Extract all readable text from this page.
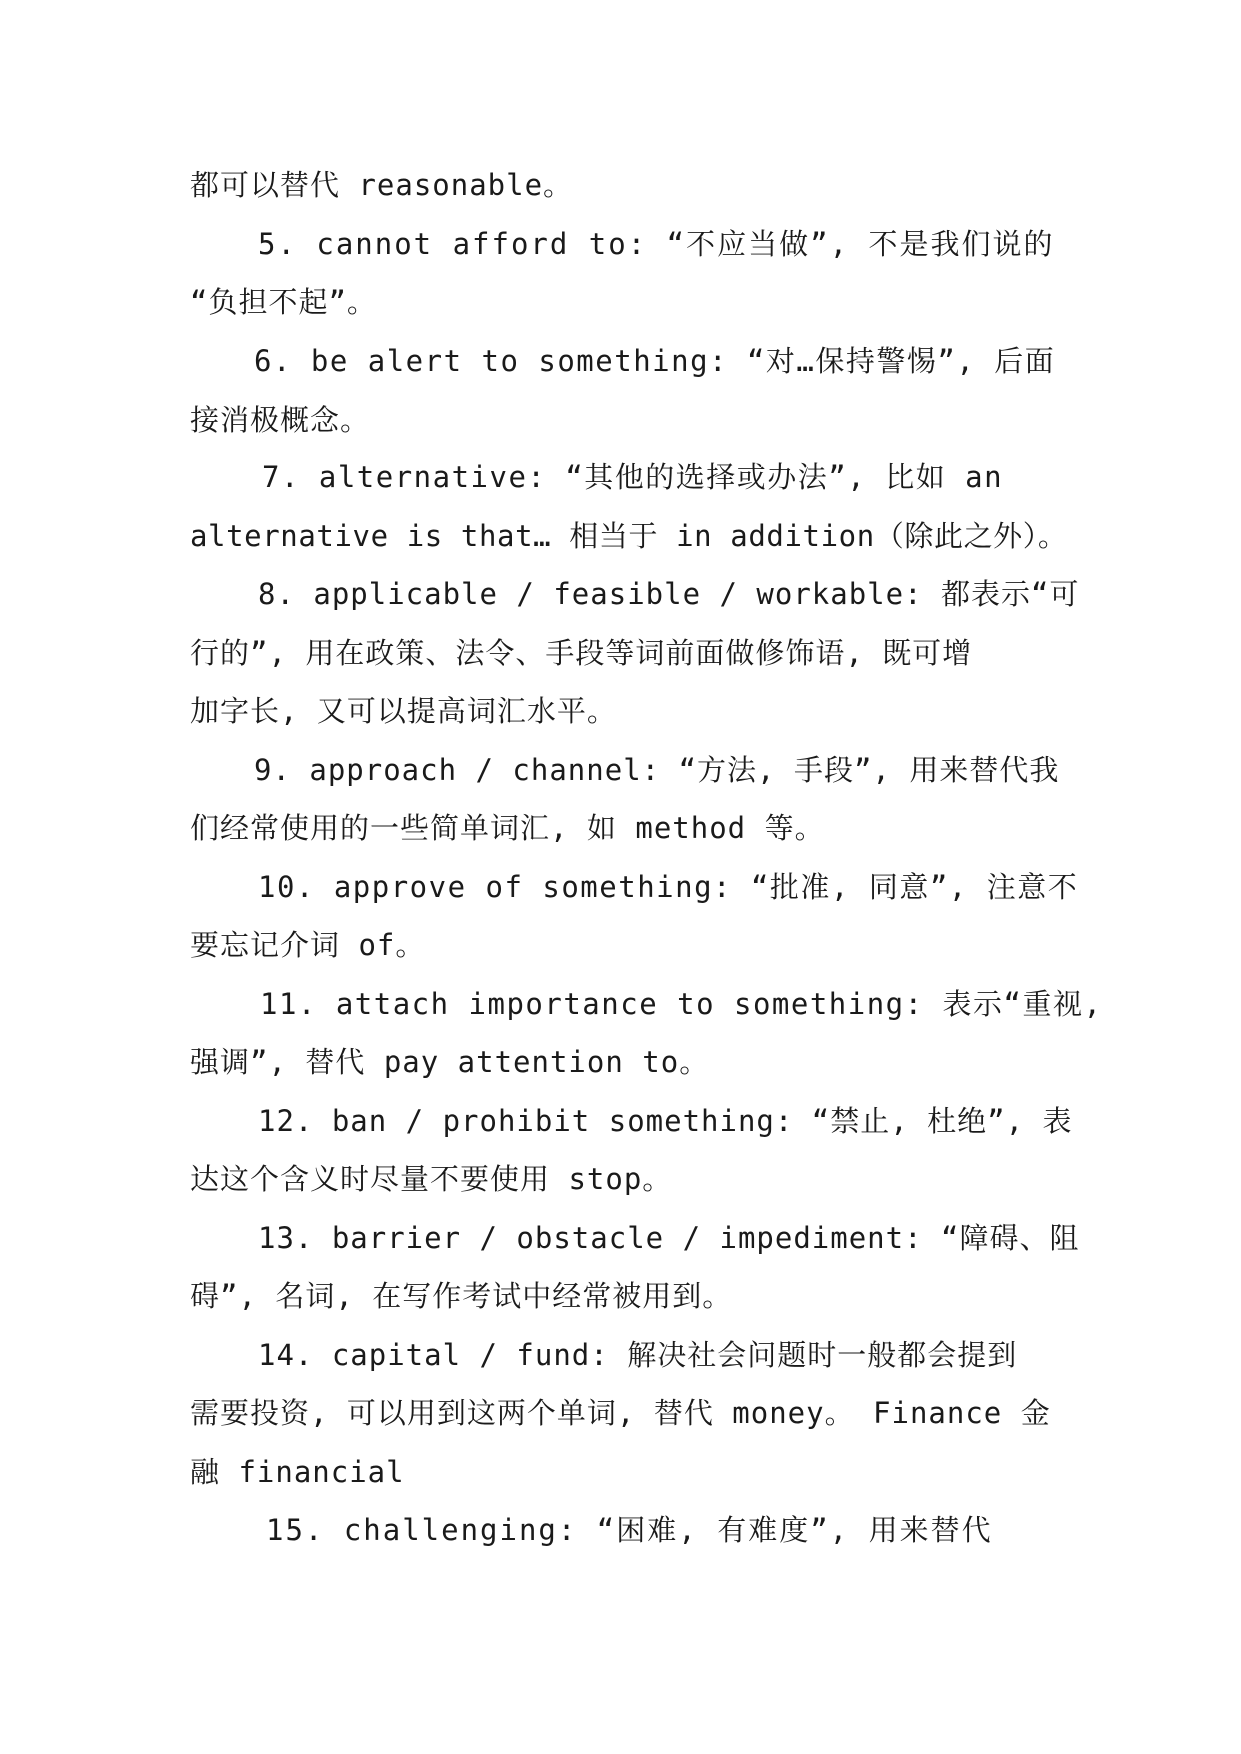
都可以替代 reasonable。
5. cannot afford to: “不应当做”, 不是我们说的
“负担不起”。
6. be alert to something: “对…保持警惕”, 后面
接消极概念。
7. alternative: “其他的选择或办法”, 比如 an
alternative is that… 相当于 in addition（除此之外）。
8. applicable / feasible / workable: 都表示“可
行的”, 用在政策、法令、手段等词前面做修饰语, 既可增
加字长, 又可以提高词汇水平。
9. approach / channel: “方法, 手段”, 用来替代我
们经常使用的一些简单词汇, 如 method 等。
10. approve of something: “批准, 同意”, 注意不
要忘记介词 of。
11. attach importance to something: 表示“重视,
强调”, 替代 pay attention to。
12. ban / prohibit something: “禁止, 杜绝”, 表
达这个含义时尽量不要使用 stop。
13. barrier / obstacle / impediment: “障碍、阻
碍”, 名词, 在写作考试中经常被用到。
14. capital / fund: 解决社会问题时一般都会提到
需要投资, 可以用到这两个单词, 替代 money。 Finance 金
融 financial
15. challenging: “困难, 有难度”, 用来替代
